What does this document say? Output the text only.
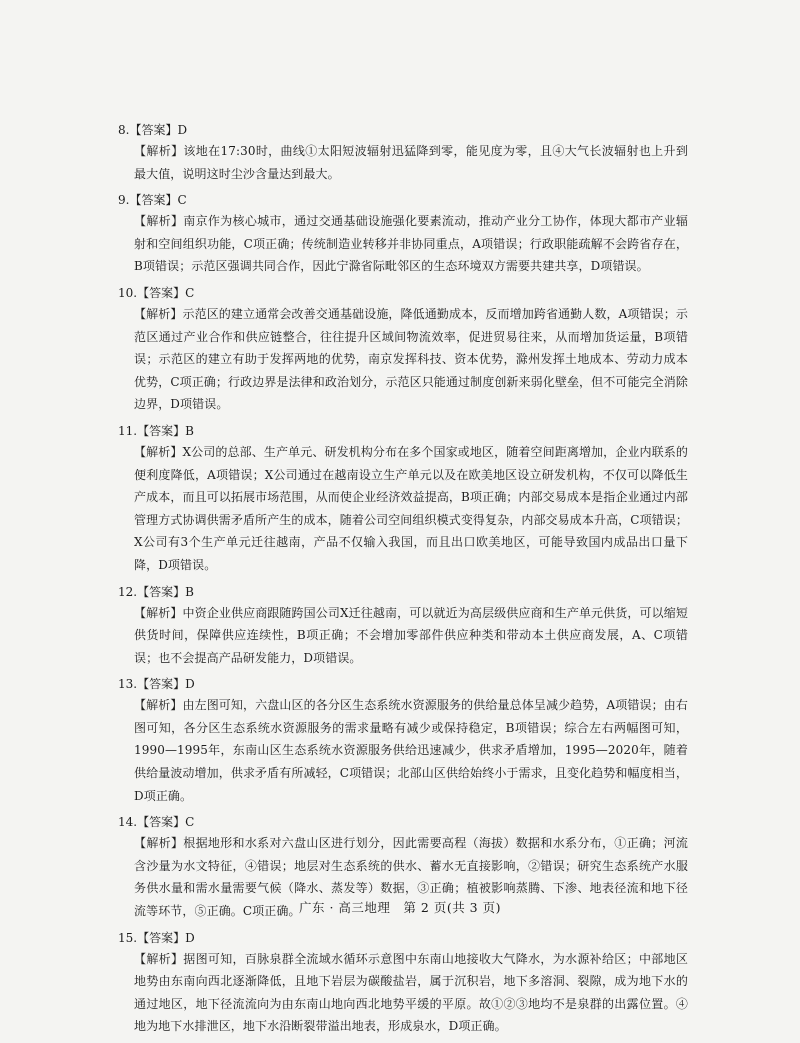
8.【答案】D
【解析】该地在17:30时，曲线①太阳短波辐射迅猛降到零，能见度为零，且④大气长波辐射也上升到最大值，说明这时尘沙含量达到最大。
9.【答案】C
【解析】南京作为核心城市，通过交通基础设施强化要素流动，推动产业分工协作，体现大都市产业辐射和空间组织功能，C项正确；传统制造业转移并非协同重点，A项错误；行政职能疏解不会跨省存在，B项错误；示范区强调共同合作，因此宁滁省际毗邻区的生态环境双方需要共建共享，D项错误。
10.【答案】C
【解析】示范区的建立通常会改善交通基础设施，降低通勤成本，反而增加跨省通勤人数，A项错误；示范区通过产业合作和供应链整合，往往提升区域间物流效率，促进贸易往来，从而增加货运量，B项错误；示范区的建立有助于发挥两地的优势，南京发挥科技、资本优势，滁州发挥土地成本、劳动力成本优势，C项正确；行政边界是法律和政治划分，示范区只能通过制度创新来弱化壁垒，但不可能完全消除边界，D项错误。
11.【答案】B
【解析】X公司的总部、生产单元、研发机构分布在多个国家或地区，随着空间距离增加，企业内联系的便利度降低，A项错误；X公司通过在越南设立生产单元以及在欧美地区设立研发机构，不仅可以降低生产成本，而且可以拓展市场范围，从而使企业经济效益提高，B项正确；内部交易成本是指企业通过内部管理方式协调供需矛盾所产生的成本，随着公司空间组织模式变得复杂，内部交易成本升高，C项错误；X公司有3个生产单元迁往越南，产品不仅输入我国，而且出口欧美地区，可能导致国内成品出口量下降，D项错误。
12.【答案】B
【解析】中资企业供应商跟随跨国公司X迁往越南，可以就近为高层级供应商和生产单元供货，可以缩短供货时间，保障供应连续性，B项正确；不会增加零部件供应种类和带动本土供应商发展，A、C项错误；也不会提高产品研发能力，D项错误。
13.【答案】D
【解析】由左图可知，六盘山区的各分区生态系统水资源服务的供给量总体呈减少趋势，A项错误；由右图可知，各分区生态系统水资源服务的需求量略有减少或保持稳定，B项错误；综合左右两幅图可知，1990—1995年，东南山区生态系统水资源服务供给迅速减少，供求矛盾增加，1995—2020年，随着供给量波动增加，供求矛盾有所减轻，C项错误；北部山区供给始终小于需求，且变化趋势和幅度相当，D项正确。
14.【答案】C
【解析】根据地形和水系对六盘山区进行划分，因此需要高程（海拔）数据和水系分布，①正确；河流含沙量为水文特征，④错误；地层对生态系统的供水、蓄水无直接影响，②错误；研究生态系统产水服务供水量和需水量需要气候（降水、蒸发等）数据，③正确；植被影响蒸腾、下渗、地表径流和地下径流等环节，⑤正确。C项正确。
15.【答案】D
【解析】据图可知，百脉泉群全流域水循环示意图中东南山地接收大气降水，为水源补给区；中部地区地势由东南向西北逐渐降低，且地下岩层为碳酸盐岩，属于沉积岩，地下多溶洞、裂隙，成为地下水的通过地区，地下径流流向为由东南山地向西北地势平缓的平原。故①②③地均不是泉群的出露位置。④地为地下水排泄区，地下水沿断裂带溢出地表，形成泉水，D项正确。
广东 · 高三地理　第 2 页(共 3 页)
